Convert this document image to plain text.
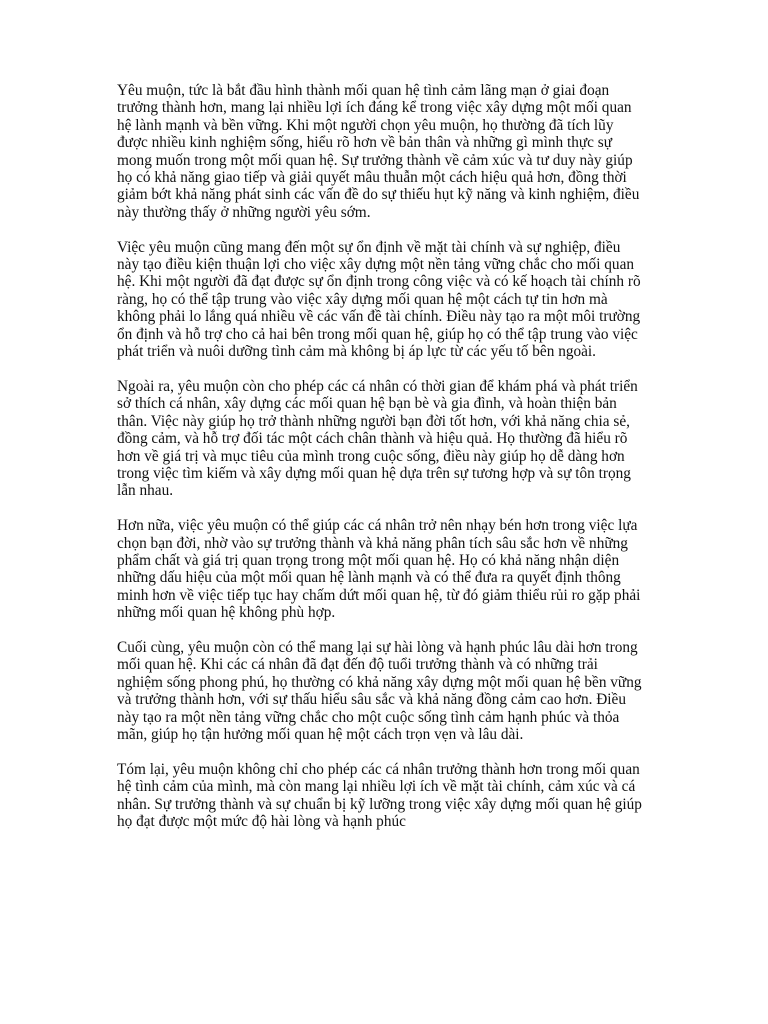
Yêu muộn, tức là bắt đầu hình thành mối quan hệ tình cảm lãng mạn ở giai đoạn
trưởng thành hơn, mang lại nhiều lợi ích đáng kể trong việc xây dựng một mối quan
hệ lành mạnh và bền vững. Khi một người chọn yêu muộn, họ thường đã tích lũy
được nhiều kinh nghiệm sống, hiểu rõ hơn về bản thân và những gì mình thực sự
mong muốn trong một mối quan hệ. Sự trưởng thành về cảm xúc và tư duy này giúp
họ có khả năng giao tiếp và giải quyết mâu thuẫn một cách hiệu quả hơn, đồng thời
giảm bớt khả năng phát sinh các vấn đề do sự thiếu hụt kỹ năng và kinh nghiệm, điều
này thường thấy ở những người yêu sớm.

Việc yêu muộn cũng mang đến một sự ổn định về mặt tài chính và sự nghiệp, điều
này tạo điều kiện thuận lợi cho việc xây dựng một nền tảng vững chắc cho mối quan
hệ. Khi một người đã đạt được sự ổn định trong công việc và có kế hoạch tài chính rõ
ràng, họ có thể tập trung vào việc xây dựng mối quan hệ một cách tự tin hơn mà
không phải lo lắng quá nhiều về các vấn đề tài chính. Điều này tạo ra một môi trường
ổn định và hỗ trợ cho cả hai bên trong mối quan hệ, giúp họ có thể tập trung vào việc
phát triển và nuôi dưỡng tình cảm mà không bị áp lực từ các yếu tố bên ngoài.

Ngoài ra, yêu muộn còn cho phép các cá nhân có thời gian để khám phá và phát triển
sở thích cá nhân, xây dựng các mối quan hệ bạn bè và gia đình, và hoàn thiện bản
thân. Việc này giúp họ trở thành những người bạn đời tốt hơn, với khả năng chia sẻ,
đồng cảm, và hỗ trợ đối tác một cách chân thành và hiệu quả. Họ thường đã hiểu rõ
hơn về giá trị và mục tiêu của mình trong cuộc sống, điều này giúp họ dễ dàng hơn
trong việc tìm kiếm và xây dựng mối quan hệ dựa trên sự tương hợp và sự tôn trọng
lẫn nhau.

Hơn nữa, việc yêu muộn có thể giúp các cá nhân trở nên nhạy bén hơn trong việc lựa
chọn bạn đời, nhờ vào sự trưởng thành và khả năng phân tích sâu sắc hơn về những
phẩm chất và giá trị quan trọng trong một mối quan hệ. Họ có khả năng nhận diện
những dấu hiệu của một mối quan hệ lành mạnh và có thể đưa ra quyết định thông
minh hơn về việc tiếp tục hay chấm dứt mối quan hệ, từ đó giảm thiểu rủi ro gặp phải
những mối quan hệ không phù hợp.

Cuối cùng, yêu muộn còn có thể mang lại sự hài lòng và hạnh phúc lâu dài hơn trong
mối quan hệ. Khi các cá nhân đã đạt đến độ tuổi trưởng thành và có những trải
nghiệm sống phong phú, họ thường có khả năng xây dựng một mối quan hệ bền vững
và trưởng thành hơn, với sự thấu hiểu sâu sắc và khả năng đồng cảm cao hơn. Điều
này tạo ra một nền tảng vững chắc cho một cuộc sống tình cảm hạnh phúc và thỏa
mãn, giúp họ tận hưởng mối quan hệ một cách trọn vẹn và lâu dài.

Tóm lại, yêu muộn không chỉ cho phép các cá nhân trưởng thành hơn trong mối quan
hệ tình cảm của mình, mà còn mang lại nhiều lợi ích về mặt tài chính, cảm xúc và cá
nhân. Sự trưởng thành và sự chuẩn bị kỹ lưỡng trong việc xây dựng mối quan hệ giúp
họ đạt được một mức độ hài lòng và hạnh phúc
